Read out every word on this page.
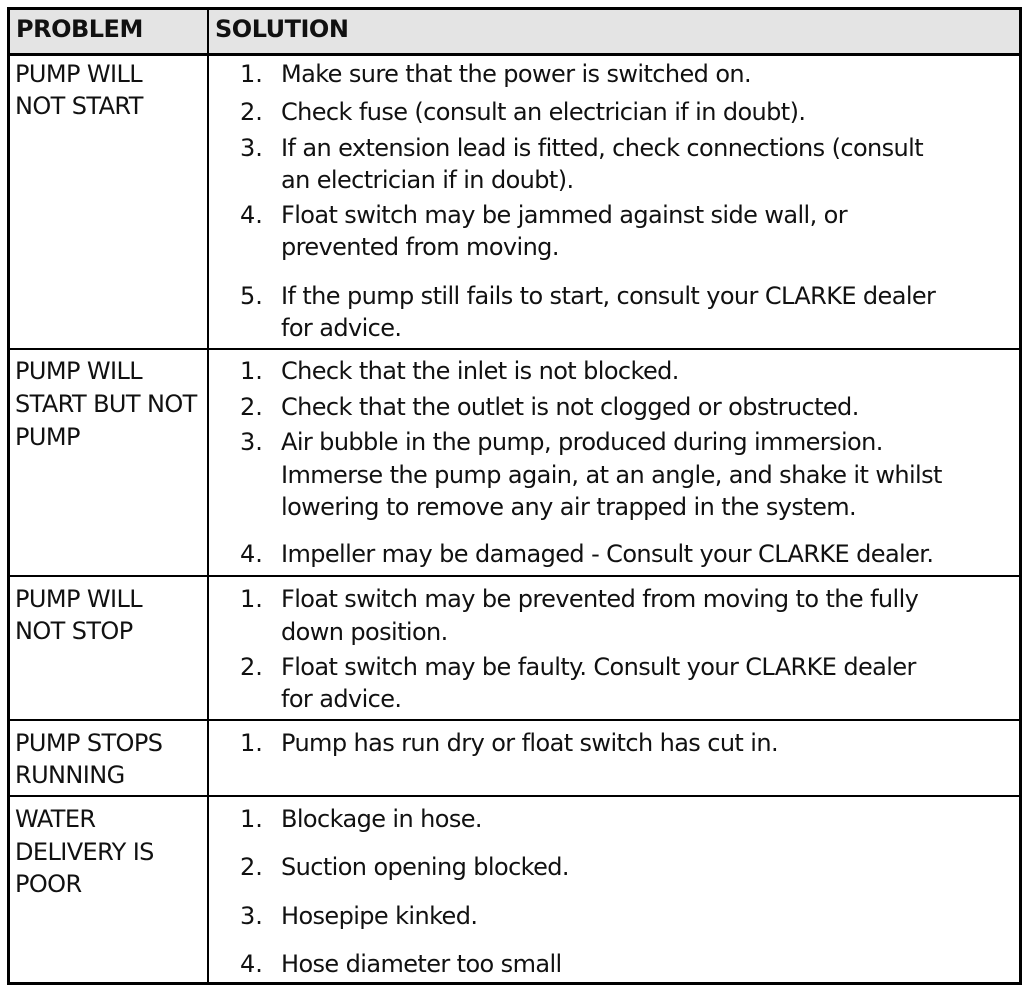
PROBLEM	SOLUTION
PUMP WILL
NOT START
1. Make sure that the power is switched on.
2. Check fuse (consult an electrician if in doubt).
3. If an extension lead is fitted, check connections (consult
an electrician if in doubt).
4. Float switch may be jammed against side wall, or
prevented from moving.
5. If the pump still fails to start, consult your CLARKE dealer
for advice.
PUMP WILL
START BUT NOT
PUMP
1. Check that the inlet is not blocked.
2. Check that the outlet is not clogged or obstructed.
3. Air bubble in the pump, produced during immersion.
Immerse the pump again, at an angle, and shake it whilst
lowering to remove any air trapped in the system.
4. Impeller may be damaged - Consult your CLARKE dealer.
PUMP WILL
NOT STOP
1. Float switch may be prevented from moving to the fully
down position.
2. Float switch may be faulty. Consult your CLARKE dealer
for advice.
PUMP STOPS
RUNNING
1. Pump has run dry or float switch has cut in.
WATER
DELIVERY IS
POOR
1. Blockage in hose.
2. Suction opening blocked.
3. Hosepipe kinked.
4. Hose diameter too small
